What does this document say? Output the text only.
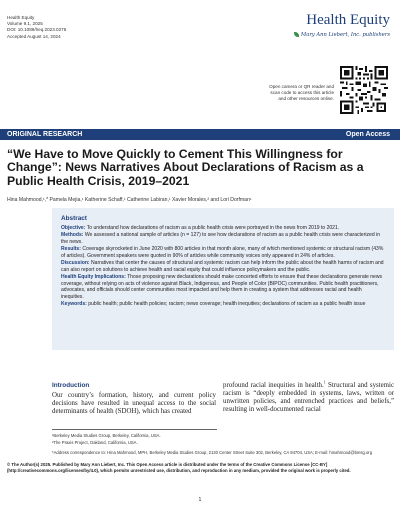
Health Equity
Volume 9.1, 2025
DOI: 10.1089/heq.2023.0276
Accepted August 14, 2024
Health Equity
Mary Ann Liebert, Inc. publishers
Open camera or QR reader and scan code to access this article and other resources online.
ORIGINAL RESEARCH	Open Access
“We Have to Move Quickly to Cement This Willingness for Change”: News Narratives About Declarations of Racism as a Public Health Crisis, 2019–2021
Hina Mahmood,¹,* Pamela Mejia,¹ Katherine Schaff,¹ Catherine Labiran,¹ Xavier Morales,² and Lori Dorfman¹
Abstract

Objective: To understand how declarations of racism as a public health crisis were portrayed in the news from 2019 to 2021.

Methods: We assessed a national sample of articles (n = 127) to see how declarations of racism as a public health crisis were characterized in the news.

Results: Coverage skyrocketed in June 2020 with 800 articles in that month alone, many of which mentioned systemic or structural racism (43% of articles). Government speakers were quoted in 90% of articles while community voices only appeared in 24% of articles.

Discussion: Narratives that center the causes of structural and systemic racism can help inform the public about the health harms of racism and can also report on solutions to achieve health and racial equity that could influence policymakers and the public.

Health Equity Implications: Those proposing new declarations should make concerted efforts to ensure that these declarations generate news coverage, without relying on acts of violence against Black, Indigenous, and People of Color (BIPOC) communities. Public health practitioners, advocates, and officials should center communities most impacted and help them in creating a system that addresses racial and health inequities.

Keywords: public health; public health policies; racism; news coverage; health inequities; declarations of racism as a public health issue

Introduction

Our country’s formation, history, and current policy decisions have resulted in unequal access to the social determinants of health (SDOH), which has created

profound racial inequities in health.$^1$ Structural and systemic racism is “deeply embedded in systems, laws, written or unwritten policies, and entrenched practices and beliefs,” resulting in well-documented racial

¹Berkeley Media Studies Group, Berkeley, California, USA.
²The Praxis Project, Oakland, California, USA.
*Address correspondence to: Hina Mahmood, MPH, Berkeley Media Studies Group, 2130 Center Street Suite 302, Berkeley, CA 94704, USA; E-mail: hmahmood@bmsg.org
© The Author(s) 2025. Published by Mary Ann Liebert, Inc. This Open Access article is distributed under the terms of the Creative Commons License [CC-BY] (http://creativecommons.org/licenses/by/4.0), which permits unrestricted use, distribution, and reproduction in any medium, provided the original work is properly cited.
1
